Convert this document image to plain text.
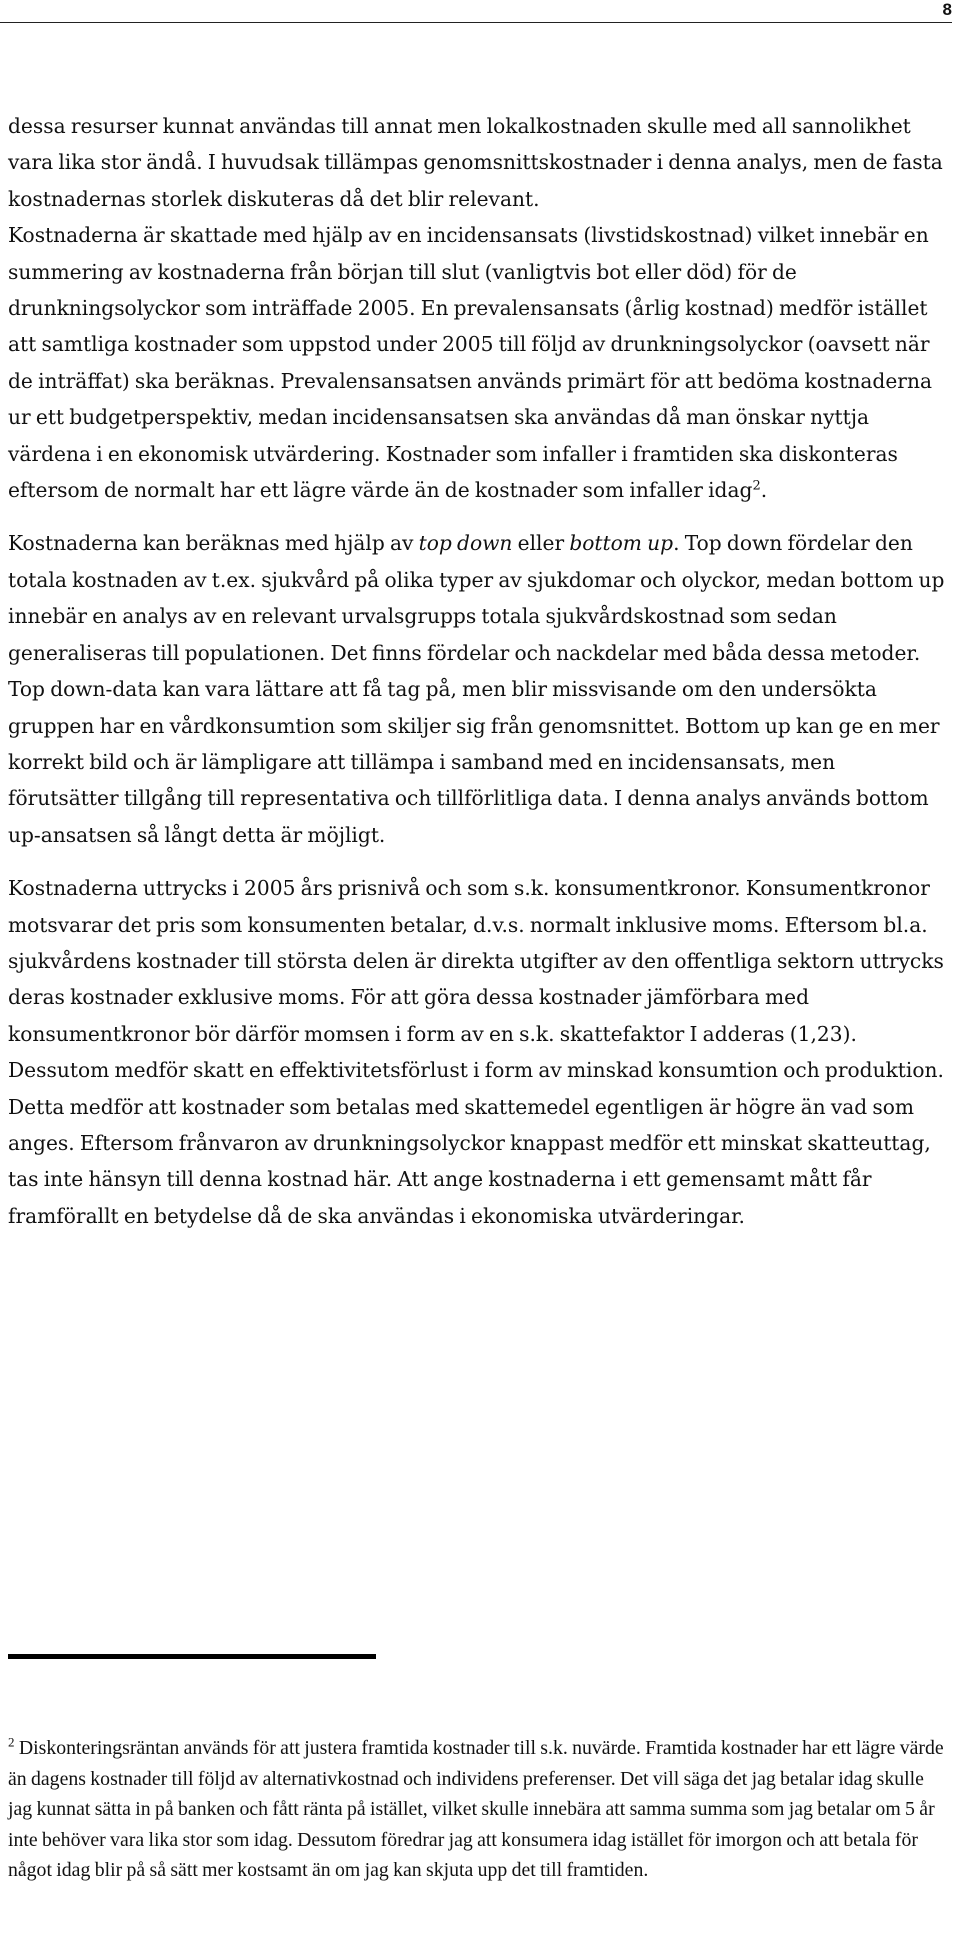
8

dessa resurser kunnat användas till annat men lokalkostnaden skulle med all sannolikhet vara lika stor ändå. I huvudsak tillämpas genomsnittskostnader i denna analys, men de fasta kostnadernas storlek diskuteras då det blir relevant.

Kostnaderna är skattade med hjälp av en incidensansats (livstidskostnad) vilket innebär en summering av kostnaderna från början till slut (vanligtvis bot eller död) för de drunkningsolyckor som inträffade 2005. En prevalensansats (årlig kostnad) medför istället att samtliga kostnader som uppstod under 2005 till följd av drunkningsolyckor (oavsett när de inträffat) ska beräknas. Prevalensansatsen används primärt för att bedöma kostnaderna ur ett budgetperspektiv, medan incidensansatsen ska användas då man önskar nyttja värdena i en ekonomisk utvärdering. Kostnader som infaller i framtiden ska diskonteras eftersom de normalt har ett lägre värde än de kostnader som infaller idag$^2$.

Kostnaderna kan beräknas med hjälp av top down eller bottom up. Top down fördelar den totala kostnaden av t.ex. sjukvård på olika typer av sjukdomar och olyckor, medan bottom up innebär en analys av en relevant urvalsgrupps totala sjukvårdskostnad som sedan generaliseras till populationen. Det finns fördelar och nackdelar med båda dessa metoder. Top down-data kan vara lättare att få tag på, men blir missvisande om den undersökta gruppen har en vårdkonsumtion som skiljer sig från genomsnittet. Bottom up kan ge en mer korrekt bild och är lämpligare att tillämpa i samband med en incidensansats, men förutsätter tillgång till representativa och tillförlitliga data. I denna analys används bottom up-ansatsen så långt detta är möjligt.

Kostnaderna uttrycks i 2005 års prisnivå och som s.k. konsumentkronor. Konsumentkronor motsvarar det pris som konsumenten betalar, d.v.s. normalt inklusive moms. Eftersom bl.a. sjukvårdens kostnader till största delen är direkta utgifter av den offentliga sektorn uttrycks deras kostnader exklusive moms. För att göra dessa kostnader jämförbara med konsumentkronor bör därför momsen i form av en s.k. skattefaktor I adderas (1,23). Dessutom medför skatt en effektivitetsförlust i form av minskad konsumtion och produktion. Detta medför att kostnader som betalas med skattemedel egentligen är högre än vad som anges. Eftersom frånvaron av drunkningsolyckor knappast medför ett minskat skatteuttag, tas inte hänsyn till denna kostnad här. Att ange kostnaderna i ett gemensamt mått får framförallt en betydelse då de ska användas i ekonomiska utvärderingar.

$^2$ Diskonteringsräntan används för att justera framtida kostnader till s.k. nuvärde. Framtida kostnader har ett lägre värde än dagens kostnader till följd av alternativkostnad och individens preferenser. Det vill säga det jag betalar idag skulle jag kunnat sätta in på banken och fått ränta på istället, vilket skulle innebära att samma summa som jag betalar om 5 år inte behöver vara lika stor som idag. Dessutom föredrar jag att konsumera idag istället för imorgon och att betala för något idag blir på så sätt mer kostsamt än om jag kan skjuta upp det till framtiden.
